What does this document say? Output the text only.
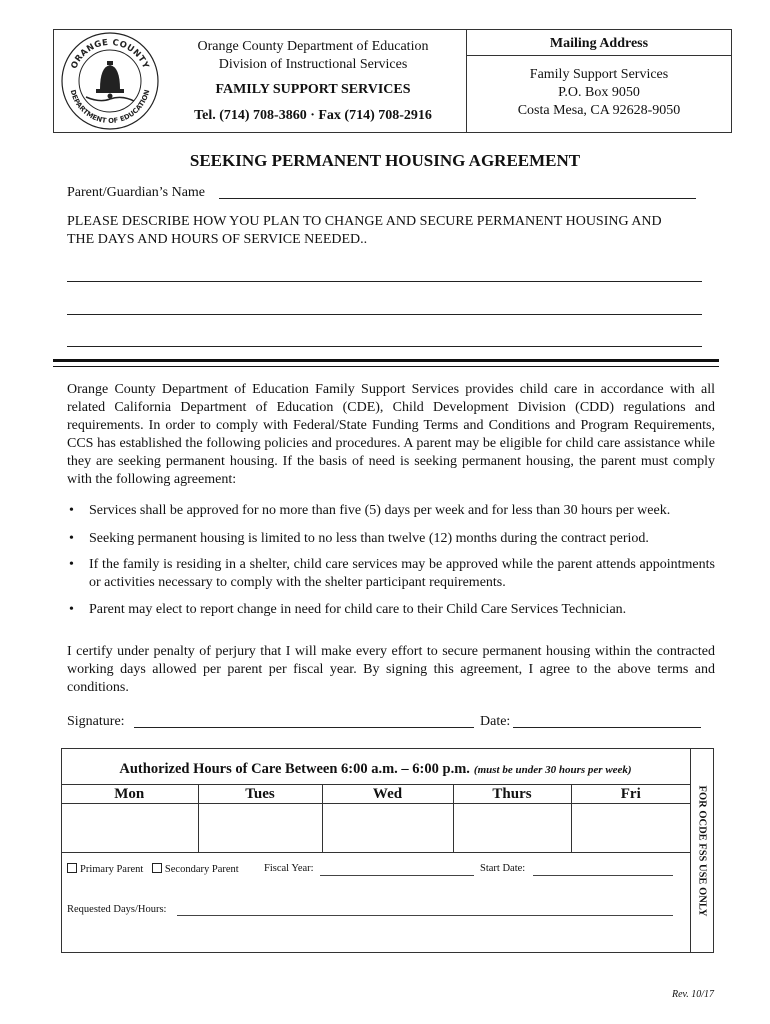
ORANGE COUNTY
DEPARTMENT OF EDUCATION
Orange County Department of Education
Division of Instructional Services
FAMILY SUPPORT SERVICES
Tel. (714) 708-3860 · Fax (714) 708-2916
Mailing Address
Family Support Services
P.O. Box 9050
Costa Mesa, CA 92628-9050
SEEKING PERMANENT HOUSING AGREEMENT
Parent/Guardian’s Name
PLEASE DESCRIBE HOW YOU PLAN TO CHANGE AND SECURE PERMANENT HOUSING AND
THE DAYS AND HOURS OF SERVICE NEEDED..
Orange County Department of Education Family Support Services provides child care in accordance with all related California Department of Education (CDE), Child Development Division (CDD) regulations and requirements. In order to comply with Federal/State Funding Terms and Conditions and Program Requirements, CCS has established the following policies and procedures. A parent may be eligible for child care assistance while they are seeking permanent housing. If the basis of need is seeking permanent housing, the parent must comply with the following agreement:
• Services shall be approved for no more than five (5) days per week and for less than 30 hours per week.
• Seeking permanent housing is limited to no less than twelve (12) months during the contract period.
• If the family is residing in a shelter, child care services may be approved while the parent attends appointments or activities necessary to comply with the shelter participant requirements.
• Parent may elect to report change in need for child care to their Child Care Services Technician.
I certify under penalty of perjury that I will make every effort to secure permanent housing within the contracted working days allowed per parent per fiscal year. By signing this agreement, I agree to the above terms and conditions.
Signature:	Date:
FOR OCDE FSS USE ONLY
Authorized Hours of Care Between 6:00 a.m. – 6:00 p.m. (must be under 30 hours per week)
Mon	Tues	Wed	Thurs	Fri

Primary Parent Secondary Parent Fiscal Year:	Start Date:
Requested Days/Hours:
Rev. 10/17
